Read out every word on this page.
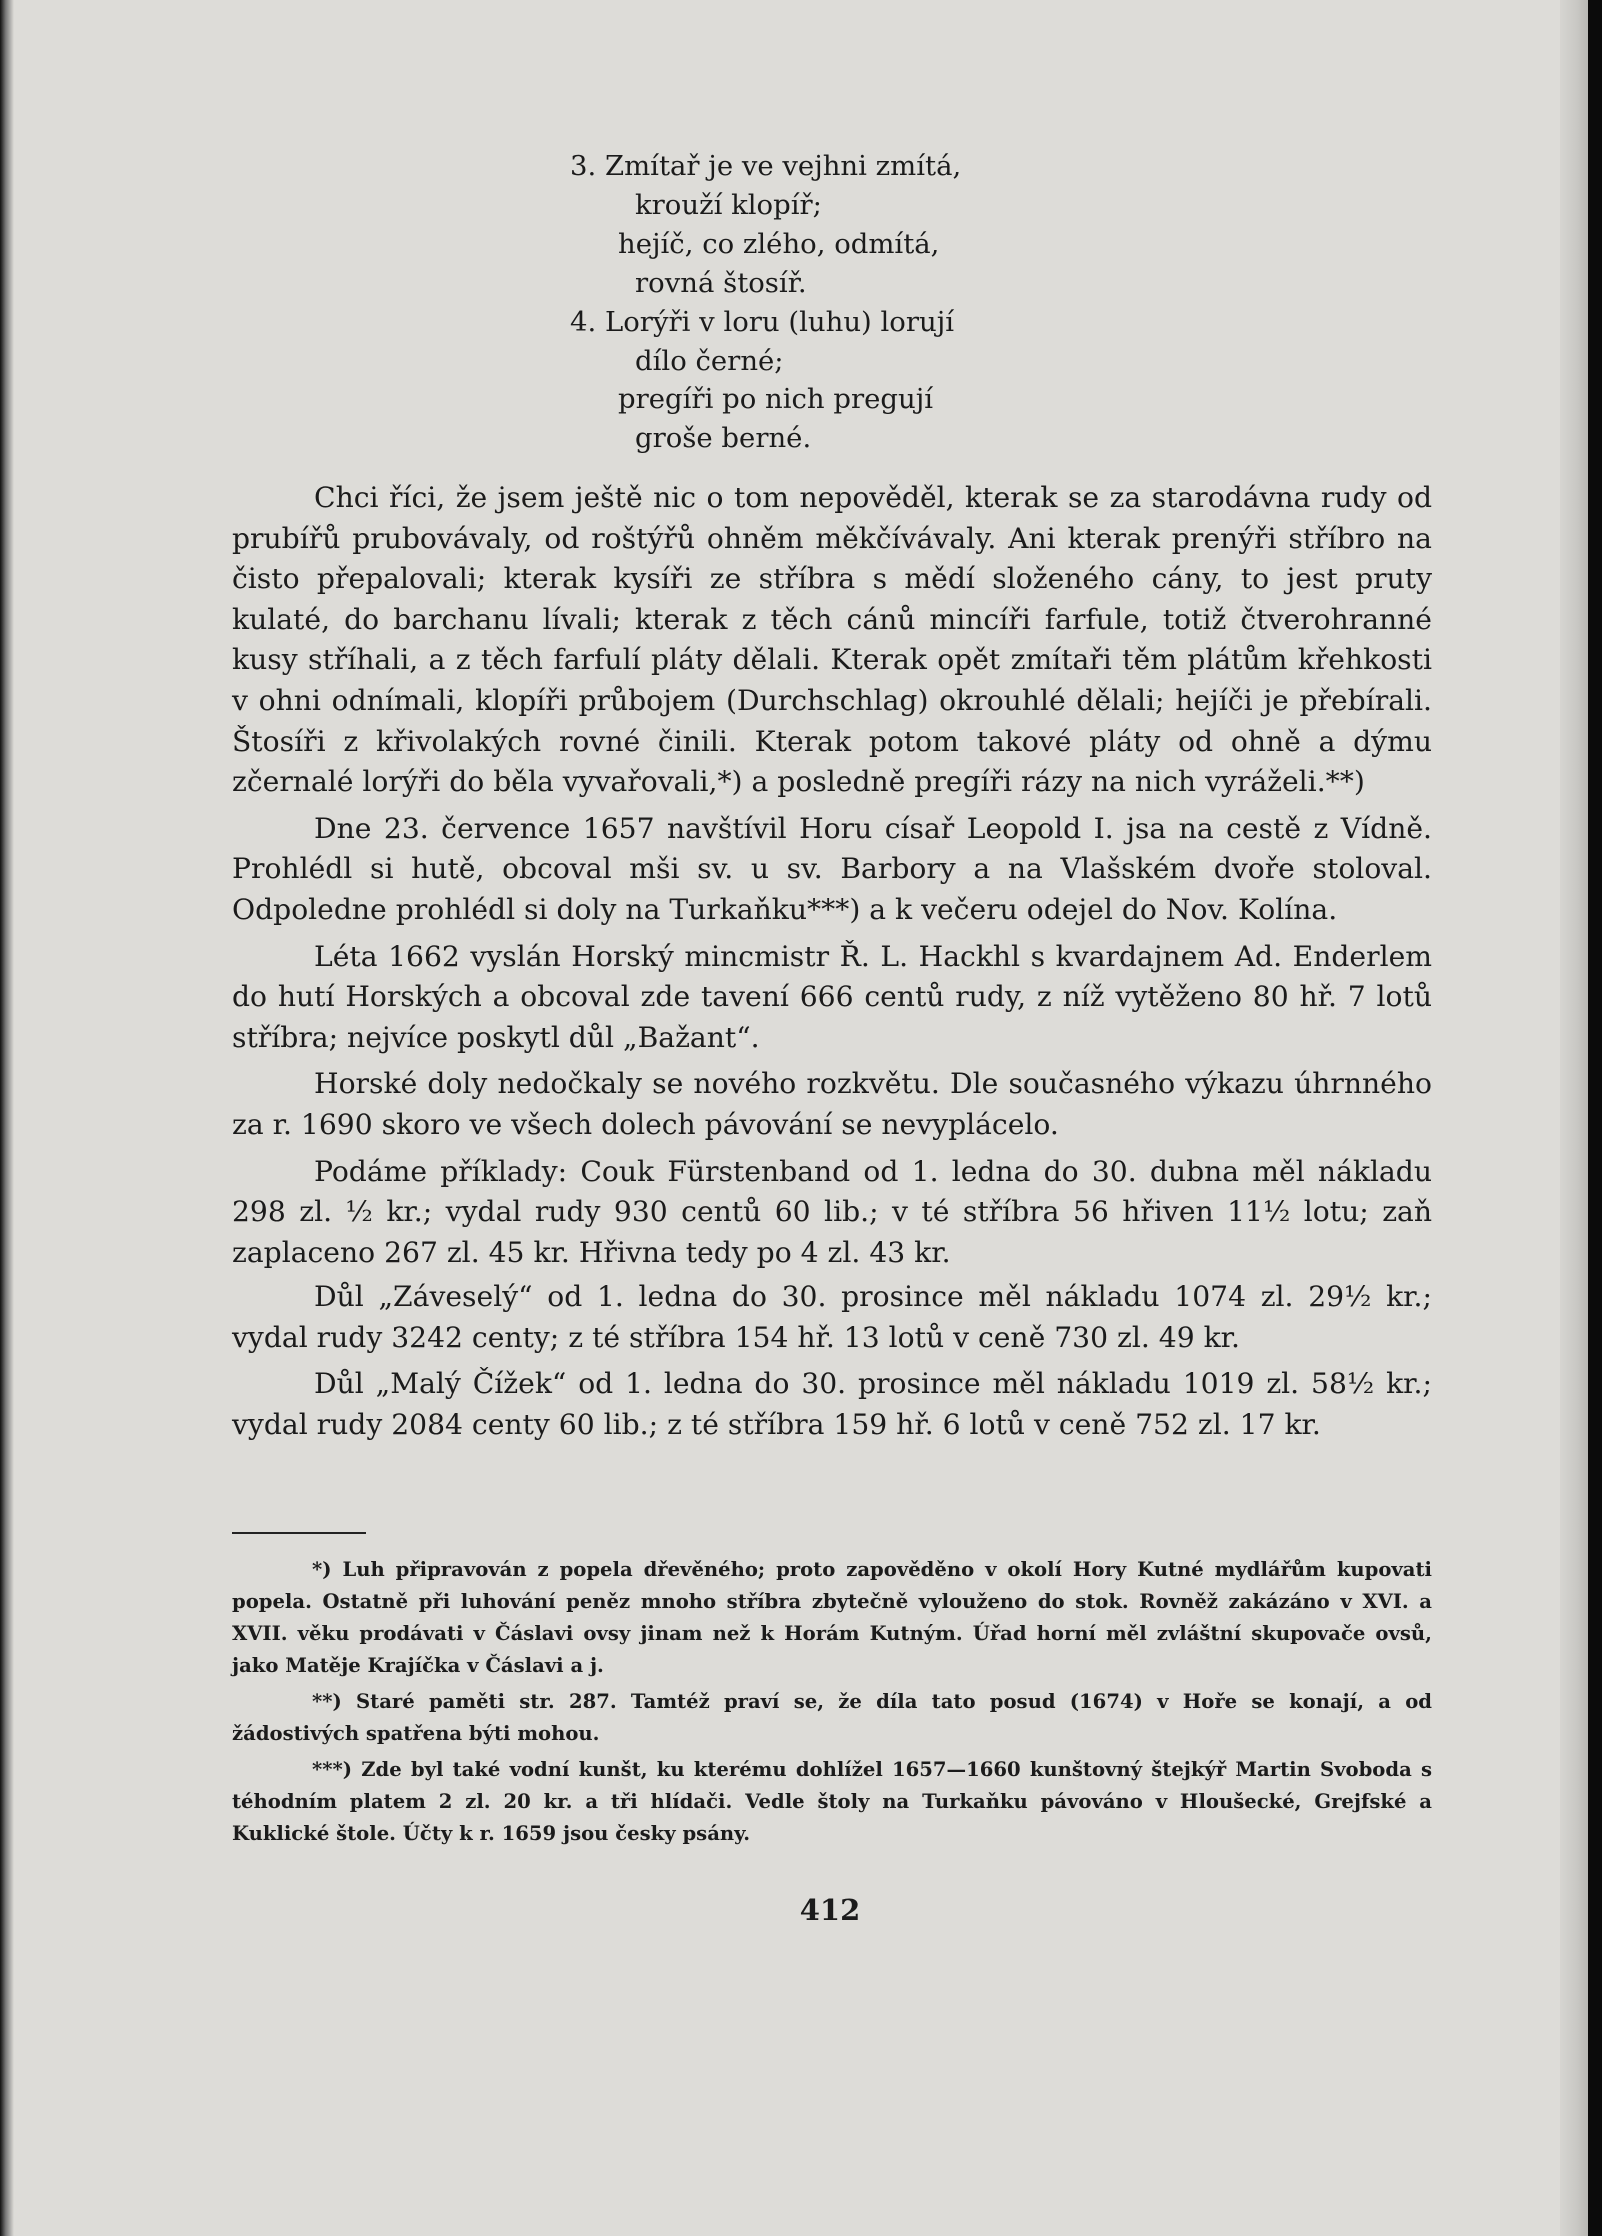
3. Zmítař je ve vejhni zmítá,
krouží klopíř;
hejíč, co zlého, odmítá,
rovná štosíř.
4. Lorýři v loru (luhu) lorují
dílo černé;
pregíři po nich pregují
groše berné.

Chci říci, že jsem ještě nic o tom nepověděl, kterak se za starodávna rudy od prubířů prubovávaly, od roštýřů ohněm měkčívávaly. Ani kterak prenýři stříbro na čisto přepalovali; kterak kysíři ze stříbra s mědí složeného cány, to jest pruty kulaté, do barchanu lívali; kterak z těch cánů mincíři farfule, totiž čtverohranné kusy stříhali, a z těch farfulí pláty dělali. Kterak opět zmítaři těm plátům křehkosti v ohni odnímali, klopíři průbojem (Durchschlag) okrouhlé dělali; hejíči je přebírali. Štosíři z křivolakých rovné činili. Kterak potom takové pláty od ohně a dýmu zčernalé lorýři do běla vyvařovali,*) a posledně pregíři rázy na nich vyráželi.**)

Dne 23. července 1657 navštívil Horu císař Leopold I. jsa na cestě z Vídně. Prohlédl si hutě, obcoval mši sv. u sv. Barbory a na Vlašském dvoře stoloval. Odpoledne prohlédl si doly na Turkaňku***) a k večeru odejel do Nov. Kolína.

Léta 1662 vyslán Horský mincmistr Ř. L. Hackhl s kvardajnem Ad. Enderlem do hutí Horských a obcoval zde tavení 666 centů rudy, z níž vytěženo 80 hř. 7 lotů stříbra; nejvíce poskytl důl „Bažant“.

Horské doly nedočkaly se nového rozkvětu. Dle současného výkazu úhrnného za r. 1690 skoro ve všech dolech pávování se nevyplácelo.

Podáme příklady: Couk Fürstenband od 1. ledna do 30. dubna měl nákladu 298 zl. ½ kr.; vydal rudy 930 centů 60 lib.; v té stříbra 56 hřiven 11½ lotu; zaň zaplaceno 267 zl. 45 kr. Hřivna tedy po 4 zl. 43 kr.

Důl „Záveselý“ od 1. ledna do 30. prosince měl nákladu 1074 zl. 29½ kr.; vydal rudy 3242 centy; z té stříbra 154 hř. 13 lotů v ceně 730 zl. 49 kr.

Důl „Malý Čížek“ od 1. ledna do 30. prosince měl nákladu 1019 zl. 58½ kr.; vydal rudy 2084 centy 60 lib.; z té stříbra 159 hř. 6 lotů v ceně 752 zl. 17 kr.

*) Luh připravován z popela dřevěného; proto zapověděno v okolí Hory Kutné mydlářům kupovati popela. Ostatně při luhování peněz mnoho stříbra zbytečně vylouženo do stok. Rovněž zakázáno v XVI. a XVII. věku prodávati v Čáslavi ovsy jinam než k Horám Kutným. Úřad horní měl zvláštní skupovače ovsů, jako Matěje Krajíčka v Čáslavi a j.

**) Staré paměti str. 287. Tamtéž praví se, že díla tato posud (1674) v Hoře se konají, a od žádostivých spatřena býti mohou.

***) Zde byl také vodní kunšt, ku kterému dohlížel 1657—1660 kunštovný štejkýř Martin Svoboda s téhodním platem 2 zl. 20 kr. a tři hlídači. Vedle štoly na Turkaňku pávováno v Hloušecké, Grejfské a Kuklické štole. Účty k r. 1659 jsou česky psány.

412
